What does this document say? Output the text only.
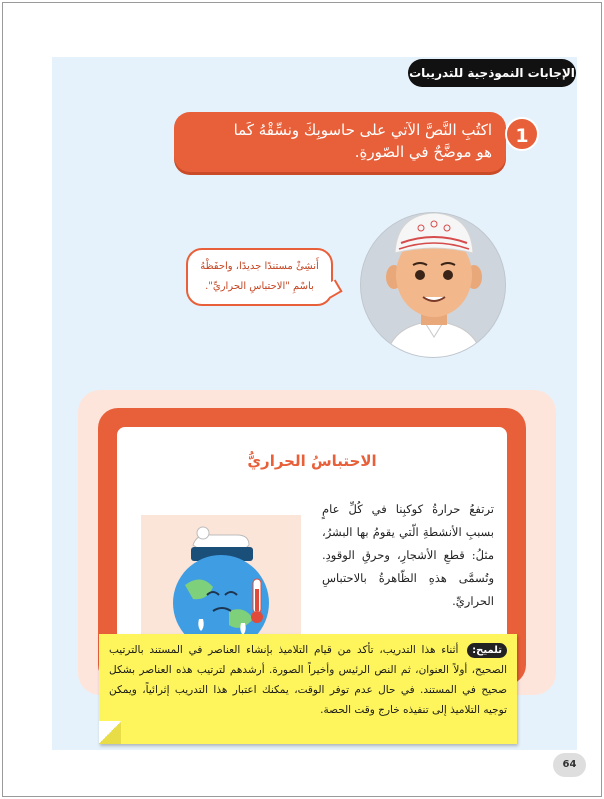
الإجابات النموذجية للتدريبات
اكتُبِ النَّصَّ الآتي على حاسوبِكَ ونسِّقْهُ كَما
هو موضَّحٌ في الصّورةِ.
1
أَنشِئْ مستندًا جديدًا، واحفَظْهُ
باسْمِ "الاحتباسِ الحراريِّ".
الاحتباسُ الحراريُّ
ترتفعُ حرارةُ كوكبِنا في كُلِّ عامٍ بسببِ الأنشطةِ الّتي يقومُ بها البشرُ، مثلُ: قطعِ الأشجارِ، وحرقِ الوقودِ. وتُسمَّى هذهِ الظّاهرةُ بالاحتباسِ الحراريِّ.
تلميح: أثناء هذا التدريب، تأكد من قيام التلاميذ بإنشاء العناصر في المستند بالترتيب الصحيح، أولاً العنوان، ثم النص الرئيس وأخيراً الصورة. أرشدهم لترتيب هذه العناصر بشكل صحيح في المستند. في حال عدم توفر الوقت، يمكنك اعتبار هذا التدريب إثرائياً، ويمكن توجيه التلاميذ إلى تنفيذه خارج وقت الحصة.
64
